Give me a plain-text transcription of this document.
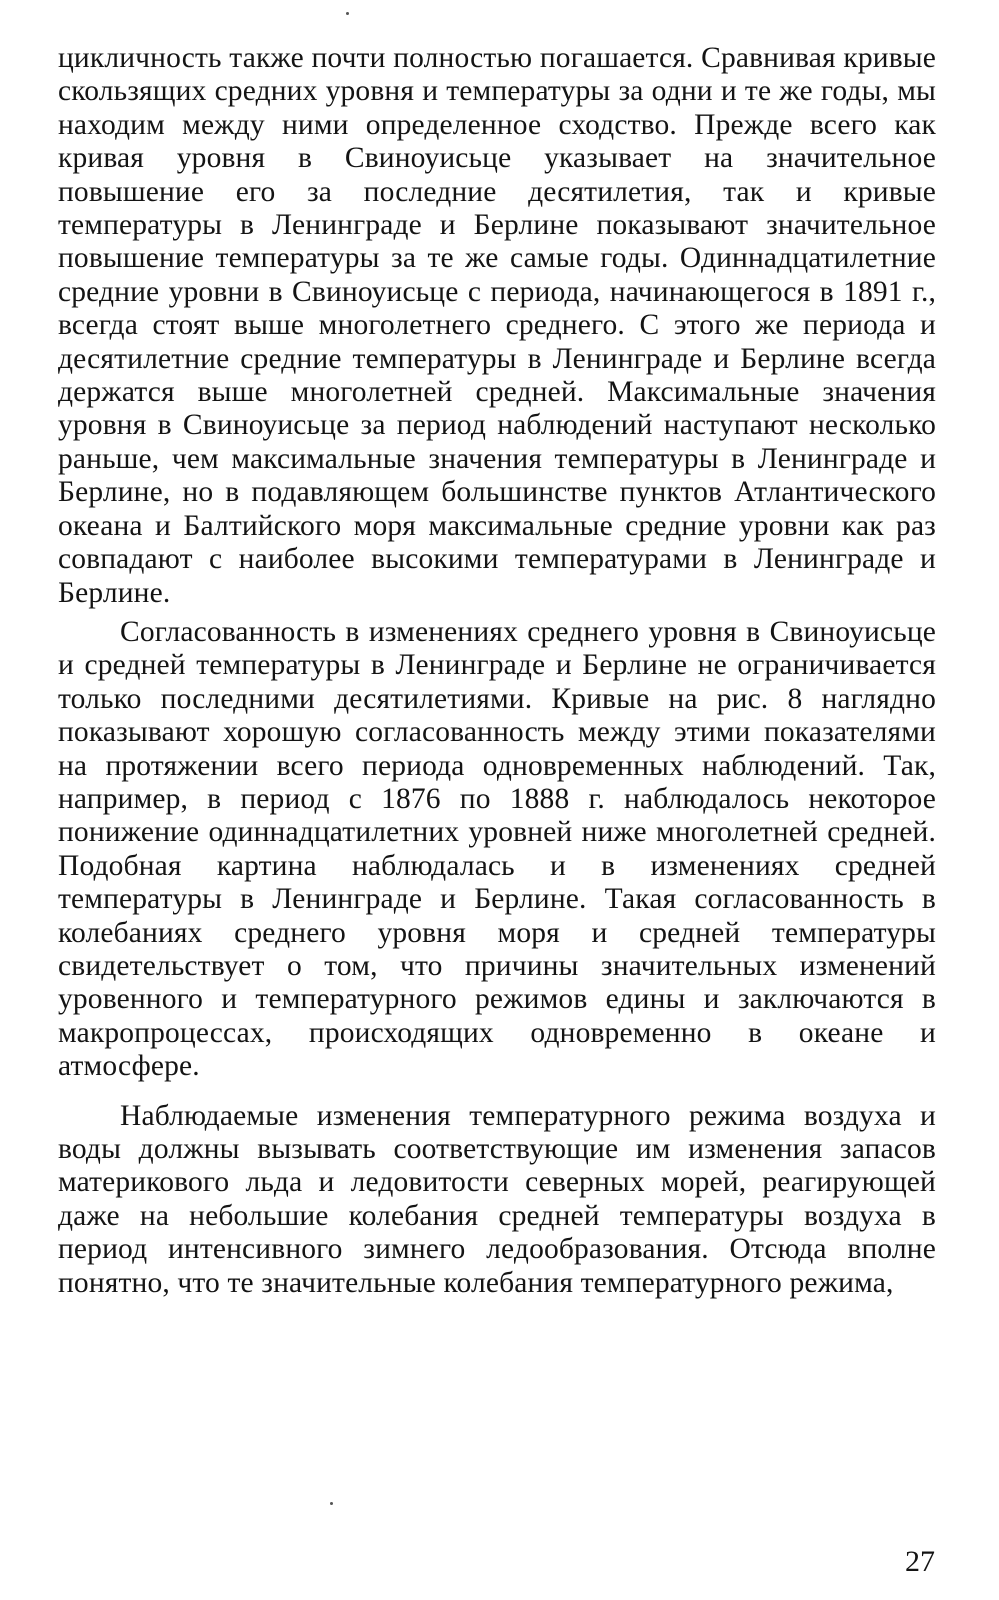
цикличность также почти полностью погашается. Сравнивая кривые скользящих средних уровня и температуры за одни и те же годы, мы находим между ними определенное сходство. Прежде всего как кривая уровня в Свиноуисьце указывает на значительное повышение его за последние десятилетия, так и кривые температуры в Ленинграде и Берлине показывают значительное повышение температуры за те же самые годы. Одиннадцатилетние средние уровни в Свиноуисьце с периода, начинающегося в 1891 г., всегда стоят выше многолетнего среднего. С этого же периода и десятилетние средние температуры в Ленинграде и Берлине всегда держатся выше многолетней средней. Максимальные значения уровня в Свиноуисьце за период наблюдений наступают несколько раньше, чем максимальные значения температуры в Ленинграде и Берлине, но в подавляющем большинстве пунктов Атлантического океана и Балтийского моря максимальные средние уровни как раз совпадают с наиболее высокими температурами в Ленинграде и Берлине.

Согласованность в изменениях среднего уровня в Свиноуисьце и средней температуры в Ленинграде и Берлине не ограничивается только последними десятилетиями. Кривые на рис. 8 наглядно показывают хорошую согласованность между этими показателями на протяжении всего периода одновременных наблюдений. Так, например, в период с 1876 по 1888 г. наблюдалось некоторое понижение одиннадцатилетних уровней ниже многолетней средней. Подобная картина наблюдалась и в изменениях средней температуры в Ленинграде и Берлине. Такая согласованность в колебаниях среднего уровня моря и средней температуры свидетельствует о том, что причины значительных изменений уровенного и температурного режимов едины и заключаются в макропроцессах, происходящих одновременно в океане и атмосфере.

Наблюдаемые изменения температурного режима воздуха и воды должны вызывать соответствующие им изменения запасов материкового льда и ледовитости северных морей, реагирующей даже на небольшие колебания средней температуры воздуха в период интенсивного зимнего ледообразования. Отсюда вполне понятно, что те значительные колебания температурного режима,

27
